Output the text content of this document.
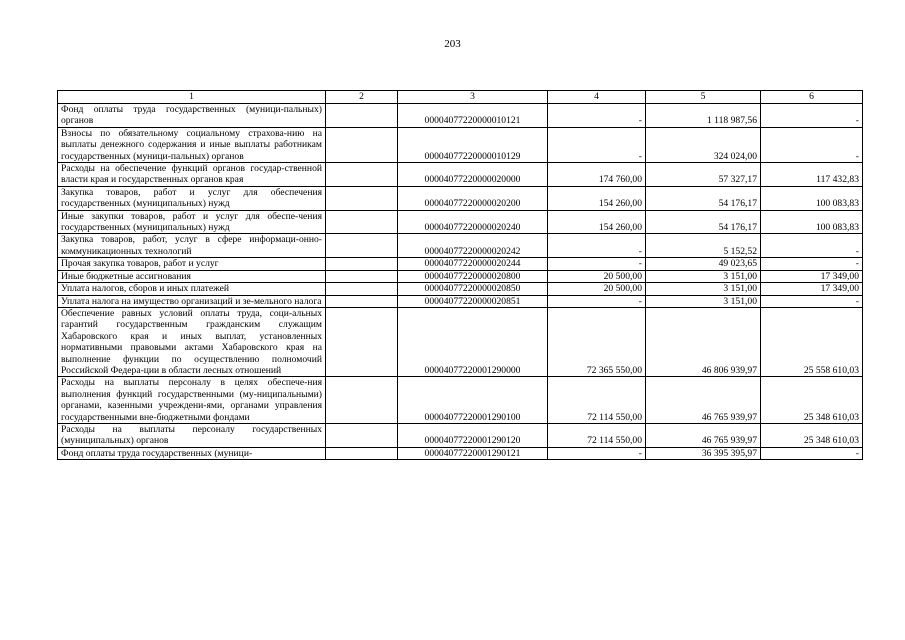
203
1	2	3	4	5	6
Фонд оплаты труда государственных (муници-пальных) органов		00004077220000010121	-	1 118 987,56	-
Взносы по обязательному социальному страхова-нию на выплаты денежного содержания и иные выплаты работникам государственных (муници-пальных) органов		00004077220000010129	-	324 024,00	-
Расходы на обеспечение функций органов государ-ственной власти края и государственных органов края		00004077220000020000	174 760,00	57 327,17	117 432,83
Закупка товаров, работ и услуг для обеспечения государственных (муниципальных) нужд		00004077220000020200	154 260,00	54 176,17	100 083,83
Иные закупки товаров, работ и услуг для обеспе-чения государственных (муниципальных) нужд		00004077220000020240	154 260,00	54 176,17	100 083,83
Закупка товаров, работ, услуг в сфере информаци-онно-коммуникационных технологий		00004077220000020242	-	5 152,52	-
Прочая закупка товаров, работ и услуг		00004077220000020244	-	49 023,65	-
Иные бюджетные ассигнования		00004077220000020800	20 500,00	3 151,00	17 349,00
Уплата налогов, сборов и иных платежей		00004077220000020850	20 500,00	3 151,00	17 349,00
Уплата налога на имущество организаций и зе-мельного налога		00004077220000020851	-	3 151,00	-
Обеспечение равных условий оплаты труда, соци-альных гарантий государственным гражданским служащим Хабаровского края и иных выплат, установленных нормативными правовыми актами Хабаровского края на выполнение функции по осуществлению полномочий Российской Федера-ции в области лесных отношений		00004077220001290000	72 365 550,00	46 806 939,97	25 558 610,03
Расходы на выплаты персоналу в целях обеспече-ния выполнения функций государственными (му-ниципальными) органами, казенными учреждени-ями, органами управления государственными вне-бюджетными фондами		00004077220001290100	72 114 550,00	46 765 939,97	25 348 610,03
Расходы на выплаты персоналу государственных (муниципальных) органов		00004077220001290120	72 114 550,00	46 765 939,97	25 348 610,03
Фонд оплаты труда государственных (муници-		00004077220001290121	-	36 395 395,97	-
